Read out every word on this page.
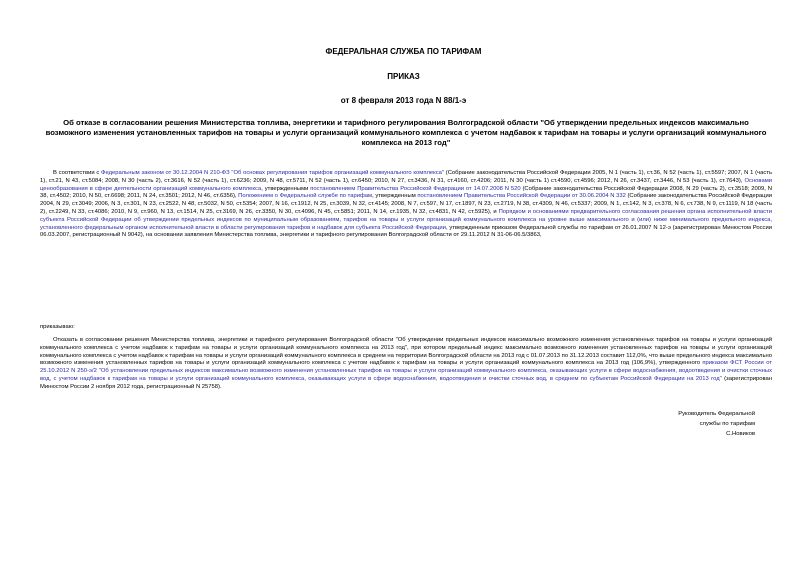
ФЕДЕРАЛЬНАЯ СЛУЖБА ПО ТАРИФАМ
ПРИКАЗ
от 8 февраля 2013 года N 88/1-э
Об отказе в согласовании решения Министерства топлива, энергетики и тарифного регулирования Волгоградской области "Об утверждении предельных индексов максимально возможного изменения установленных тарифов на товары и услуги организаций коммунального комплекса с учетом надбавок к тарифам на товары и услуги организаций коммунального комплекса на 2013 год"
В соответствии с Федеральным законом от 30.12.2004 N 210-ФЗ "Об основах регулирования тарифов организаций коммунального комплекса" (Собрание законодательства Российской Федерации 2005, N 1 (часть 1), ст.36, N 52 (часть 1), ст.5597; 2007, N 1 (часть 1), ст.21, N 43, ст.5084; 2008, N 30 (часть 2), ст.3616, N 52 (часть 1), ст.6236; 2009, N 48, ст.5711, N 52 (часть 1), ст.6450; 2010, N 27, ст.3436, N 31, ст.4160, ст.4206; 2011, N 30 (часть 1) ст.4590, ст.4596; 2012, N 26, ст.3437, ст.3446, N 53 (часть 1), ст.7643), Основами ценообразования в сфере деятельности организаций коммунального комплекса, утвержденными постановлением Правительства Российской Федерации от 14.07.2008 N 520 (Собрание законодательства Российской Федерации 2008, N 29 (часть 2), ст.3518; 2009, N 38, ст.4502; 2010, N 50, ст.6698; 2011, N 24, ст.3501; 2012, N 46, ст.6356), Положением о Федеральной службе по тарифам, утвержденным постановлением Правительства Российской Федерации от 30.06.2004 N 332 (Собрание законодательства Российской Федерации 2004, N 29, ст.3049; 2006, N 3, ст.301, N 23, ст.2522, N 48, ст.5032, N 50, ст.5354; 2007, N 16, ст.1912, N 25, ст.3039, N 32, ст.4145; 2008, N 7, ст.597, N 17, ст.1897, N 23, ст.2719, N 38, ст.4309, N 46, ст.5337; 2009, N 1, ст.142, N 3, ст.378, N 6, ст.738, N 9, ст.1119, N 18 (часть 2), ст.2249, N 33, ст.4086; 2010, N 9, ст.960, N 13, ст.1514, N 25, ст.3169, N 26, ст.3350, N 30, ст.4096, N 45, ст.5851; 2011, N 14, ст.1935, N 32, ст.4831, N 42, ст.5925), и Порядком и основаниями предварительного согласования решения органа исполнительной власти субъекта Российской Федерации об утверждении предельных индексов по муниципальным образованиям, тарифов на товары и услуги организаций коммунального комплекса на уровне выше максимального и (или) ниже минимального предельного индекса, установленного федеральным органом исполнительной власти в области регулирования тарифов и надбавок для субъекта Российской Федерации, утвержденным приказом Федеральной службы по тарифам от 26.01.2007 N 12-э (зарегистрирован Минюстом России 06.03.2007, регистрационный N 9042), на основании заявления Министерства топлива, энергетики и тарифного регулирования Волгоградской области от 29.11.2012 N 31-06-06.5/3863,
приказываю:
Отказать в согласовании решения Министерства топлива, энергетики и тарифного регулирования Волгоградской области "Об утверждении предельных индексов максимально возможного изменения установленных тарифов на товары и услуги организаций коммунального комплекса с учетом надбавок к тарифам на товары и услуги организаций коммунального комплекса на 2013 год", при котором предельный индекс максимально возможного изменения установленных тарифов на товары и услуги организаций коммунального комплекса с учетом надбавок к тарифам на товары и услуги организаций коммунального комплекса в среднем на территории Волгоградской области на 2013 год с 01.07.2013 по 31.12.2013 составит 112,0%, что выше предельного индекса максимально возможного изменения установленных тарифов на товары и услуги организаций коммунального комплекса с учетом надбавок к тарифам на товары и услуги организаций коммунального комплекса на 2013 год (106,9%), утвержденного приказом ФСТ России от 25.10.2012 N 250-э/2 "Об установлении предельных индексов максимально возможного изменения установленных тарифов на товары и услуги организаций коммунального комплекса, оказывающих услуги в сфере водоснабжения, водоотведения и очистки сточных вод, с учетом надбавок к тарифам на товары и услуги организаций коммунального комплекса, оказывающих услуги в сфере водоснабжения, водоотведения и очистки сточных вод, в среднем по субъектам Российской Федерации на 2013 год" (зарегистрирован Минюстом России 2 ноября 2012 года, регистрационный N 25758).
Руководитель Федеральной
службы по тарифам
С.Новиков
